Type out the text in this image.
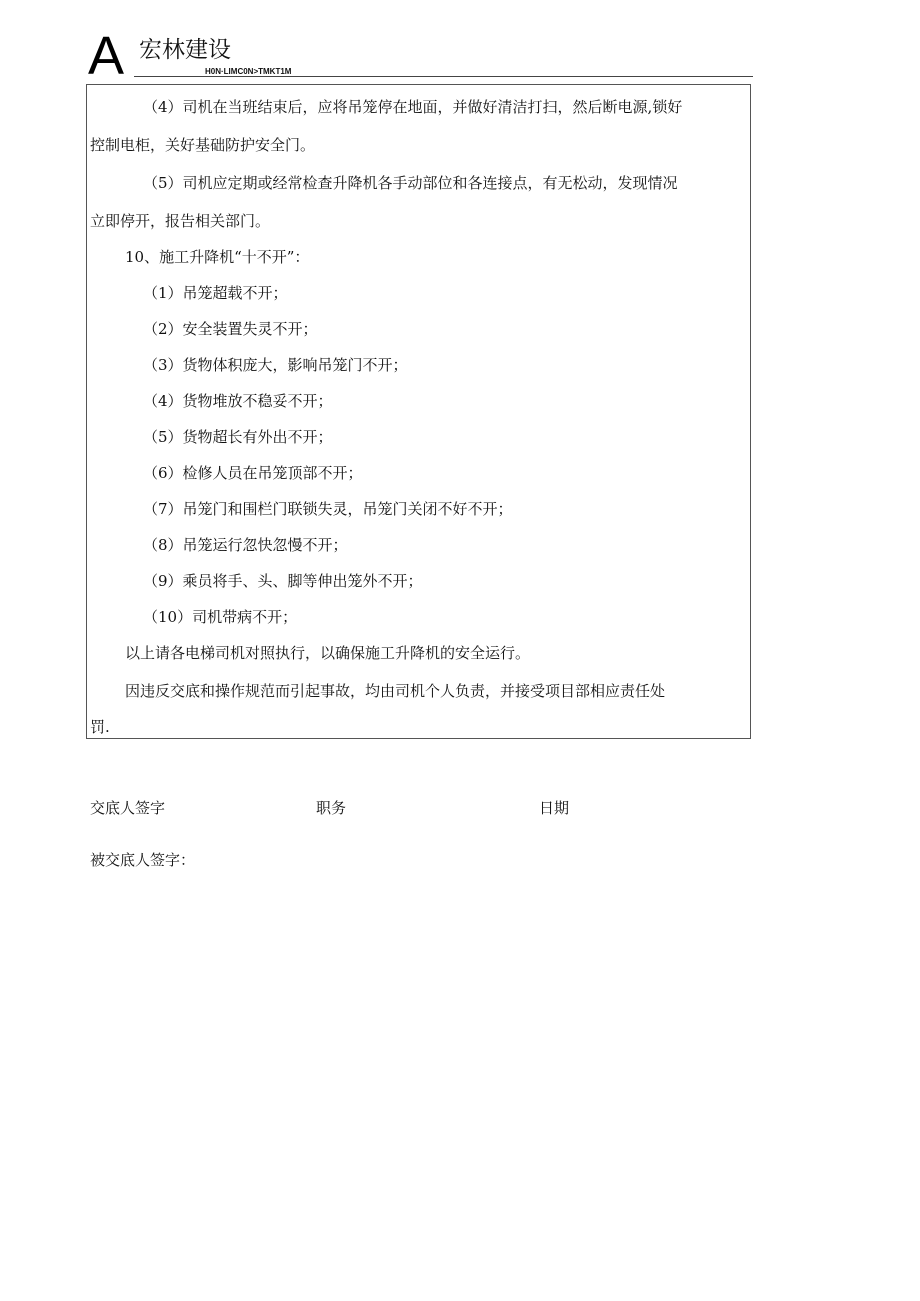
A 宏林建设
H0N·LIMC0N>TMKT1M
（4）司机在当班结束后，应将吊笼停在地面，并做好清洁打扫，然后断电源,锁好
控制电柜，关好基础防护安全门。
（5）司机应定期或经常检查升降机各手动部位和各连接点，有无松动，发现情况
立即停开，报告相关部门。
10、施工升降机“十不开”：
（1）吊笼超载不开；
（2）安全装置失灵不开；
（3）货物体积庞大，影响吊笼门不开；
（4）货物堆放不稳妥不开；
（5）货物超长有外出不开；
（6）检修人员在吊笼顶部不开；
（7）吊笼门和围栏门联锁失灵，吊笼门关闭不好不开；
（8）吊笼运行忽快忽慢不开；
（9）乘员将手、头、脚等伸出笼外不开；
（10）司机带病不开；
以上请各电梯司机对照执行，以确保施工升降机的安全运行。
因违反交底和操作规范而引起事故，均由司机个人负责，并接受项目部相应责任处
罚.
交底人签字	职务	日期
被交底人签字：
